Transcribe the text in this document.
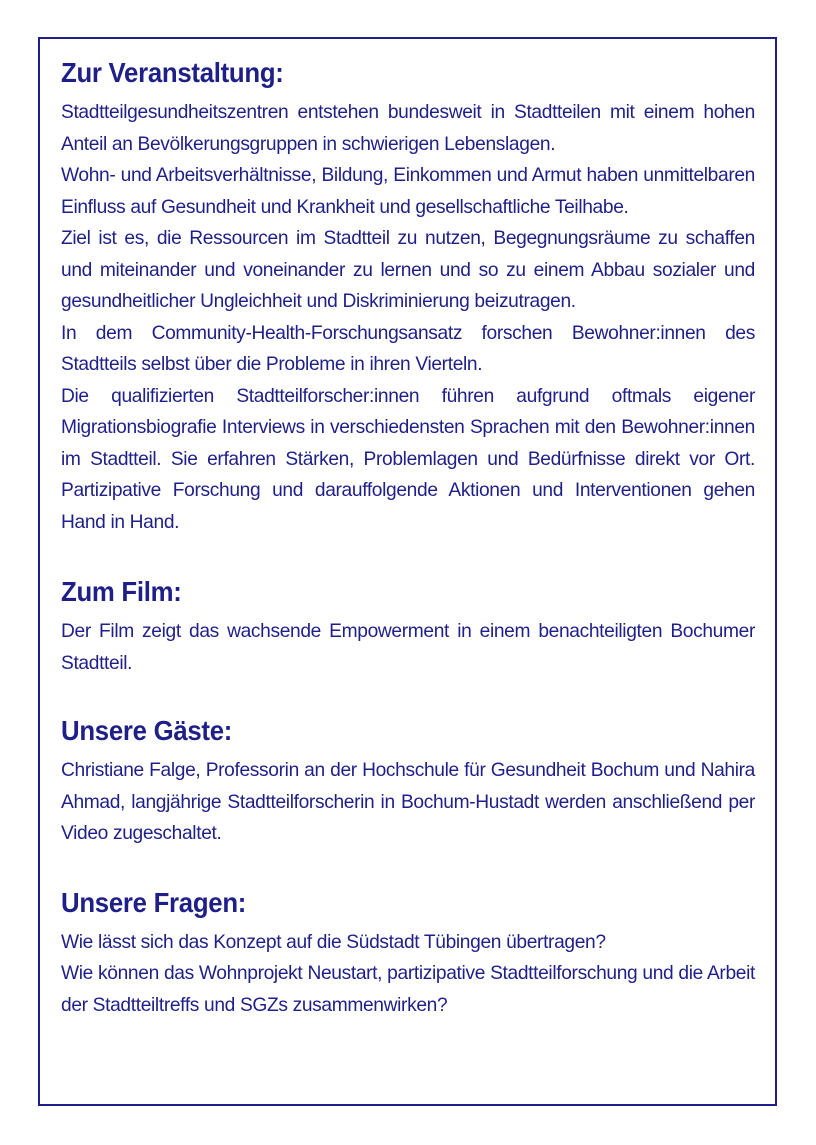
Zur Veranstaltung:

Stadtteilgesundheitszentren entstehen bundesweit in Stadtteilen mit einem hohen Anteil an Bevölkerungsgruppen in schwierigen Lebenslagen.

Wohn- und Arbeitsverhältnisse, Bildung, Einkommen und Armut haben unmittelbaren Einfluss auf Gesundheit und Krankheit und gesellschaftliche Teilhabe.

Ziel ist es, die Ressourcen im Stadtteil zu nutzen, Begegnungsräume zu schaffen und miteinander und voneinander zu lernen und so zu einem Abbau sozialer und gesundheitlicher Ungleichheit und Diskriminierung beizutragen.

In dem Community-Health-Forschungsansatz forschen Bewohner:innen des Stadtteils selbst über die Probleme in ihren Vierteln.

Die qualifizierten Stadtteilforscher:innen führen aufgrund oftmals eigener Migrationsbiografie Interviews in verschiedensten Sprachen mit den Bewohner:innen im Stadtteil. Sie erfahren Stärken, Problemlagen und Bedürfnisse direkt vor Ort. Partizipative Forschung und darauffolgende Aktionen und Interventionen gehen Hand in Hand.

Zum Film:

Der Film zeigt das wachsende Empowerment in einem benachteiligten Bochumer Stadtteil.

Unsere Gäste:

Christiane Falge, Professorin an der Hochschule für Gesundheit Bochum und Nahira Ahmad, langjährige Stadtteilforscherin in Bochum-Hustadt werden anschließend per Video zugeschaltet.

Unsere Fragen:

Wie lässt sich das Konzept auf die Südstadt Tübingen übertragen?

Wie können das Wohnprojekt Neustart, partizipative Stadtteilforschung und die Arbeit der Stadtteiltreffs und SGZs zusammenwirken?
